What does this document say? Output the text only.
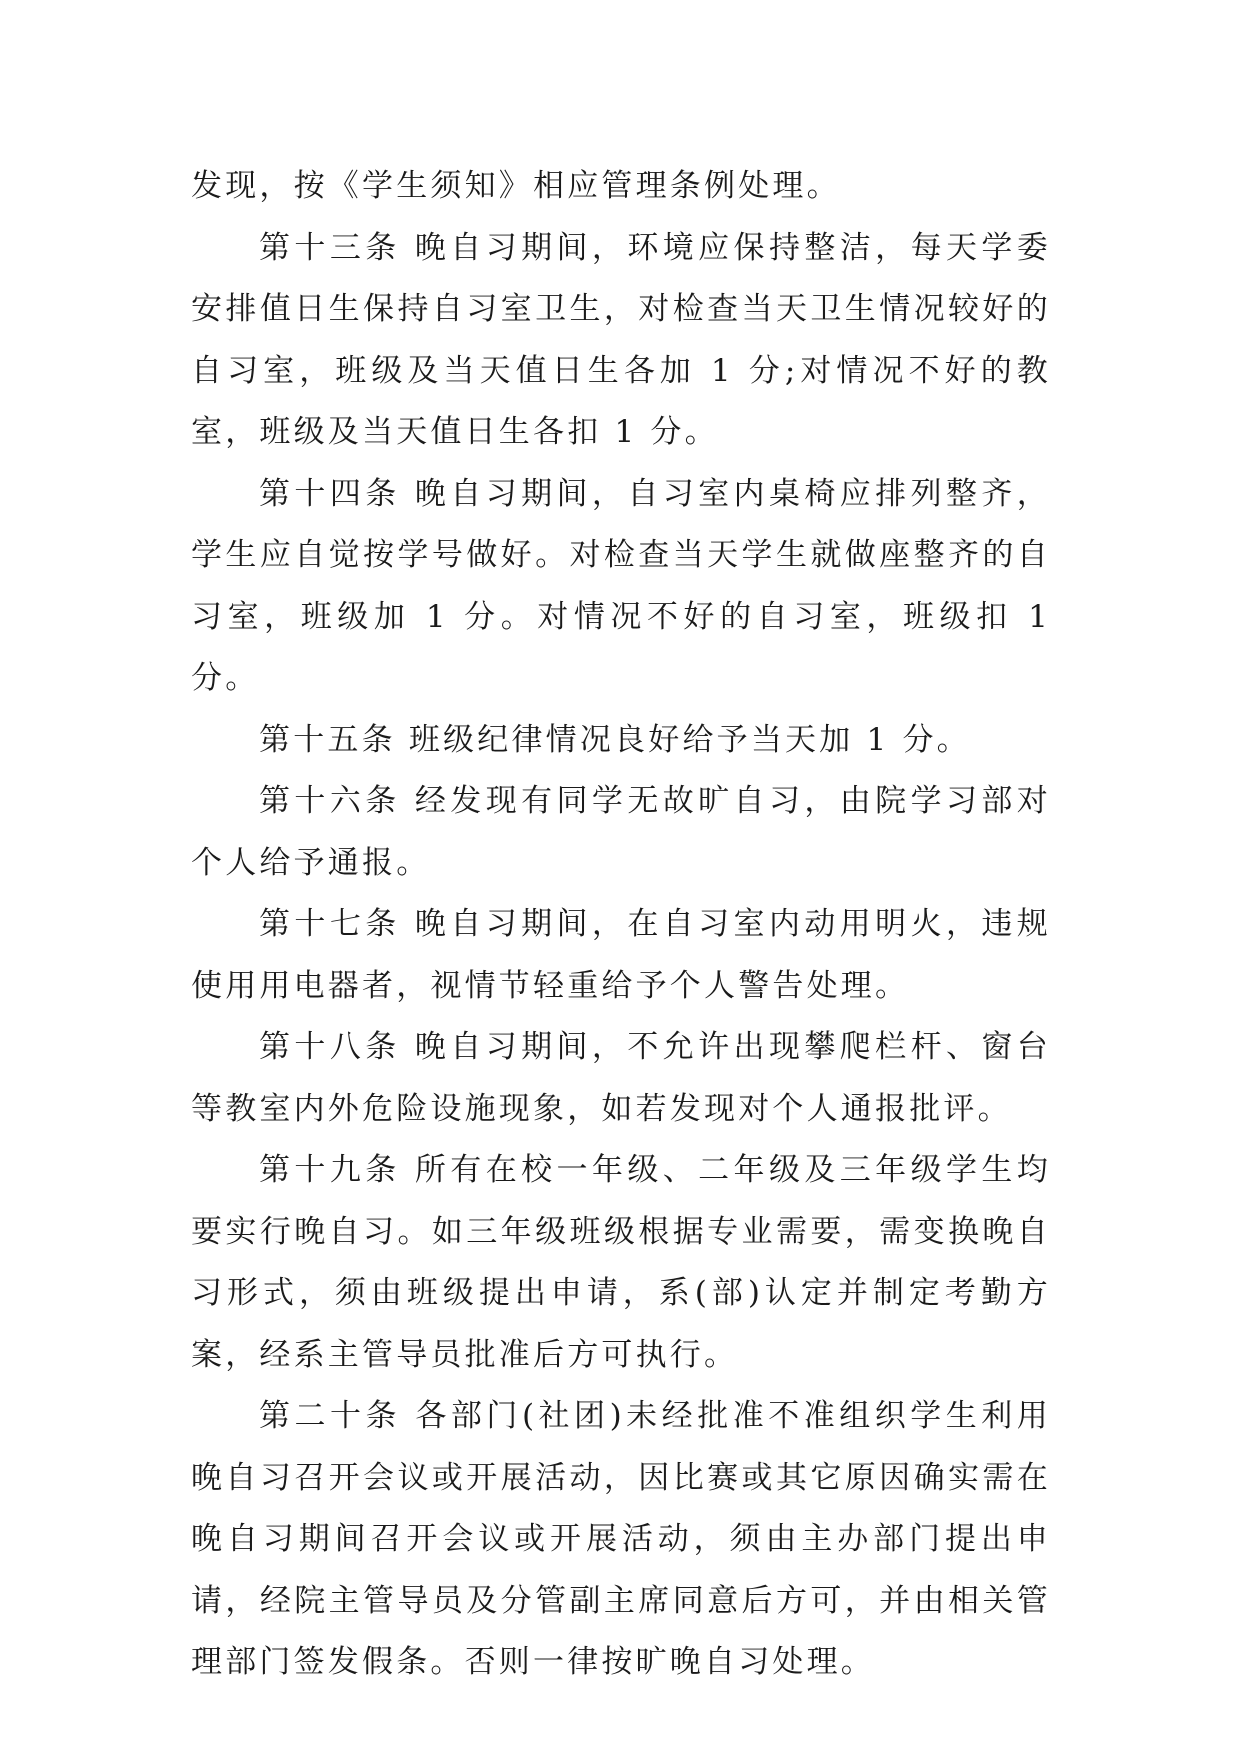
发现，按《学生须知》相应管理条例处理。

第十三条 晚自习期间，环境应保持整洁，每天学委安排值日生保持自习室卫生，对检查当天卫生情况较好的自习室，班级及当天值日生各加 1 分;对情况不好的教室，班级及当天值日生各扣 1 分。

第十四条 晚自习期间，自习室内桌椅应排列整齐，学生应自觉按学号做好。对检查当天学生就做座整齐的自习室，班级加 1 分。对情况不好的自习室，班级扣 1 分。

第十五条 班级纪律情况良好给予当天加 1 分。

第十六条 经发现有同学无故旷自习，由院学习部对个人给予通报。

第十七条 晚自习期间，在自习室内动用明火，违规使用用电器者，视情节轻重给予个人警告处理。

第十八条 晚自习期间，不允许出现攀爬栏杆、窗台等教室内外危险设施现象，如若发现对个人通报批评。

第十九条 所有在校一年级、二年级及三年级学生均要实行晚自习。如三年级班级根据专业需要，需变换晚自习形式，须由班级提出申请，系(部)认定并制定考勤方案，经系主管导员批准后方可执行。

第二十条 各部门(社团)未经批准不准组织学生利用晚自习召开会议或开展活动，因比赛或其它原因确实需在晚自习期间召开会议或开展活动，须由主办部门提出申请，经院主管导员及分管副主席同意后方可，并由相关管理部门签发假条。否则一律按旷晚自习处理。
